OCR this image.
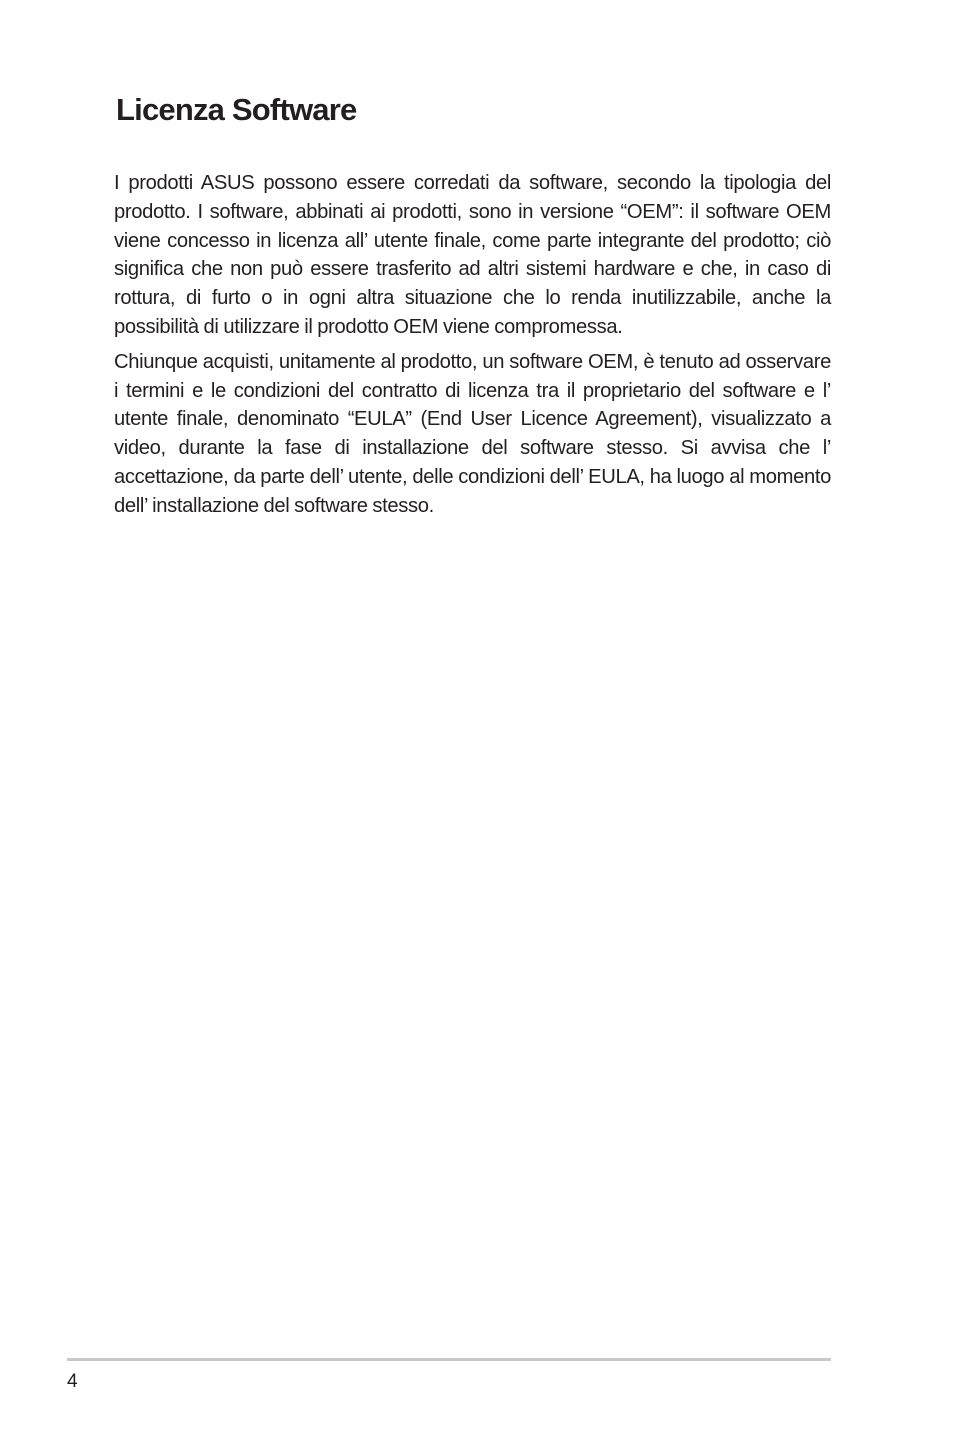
Licenza Software

I prodotti ASUS possono essere corredati da software, secondo la tipologia del prodotto. I software, abbinati ai prodotti, sono in versione “OEM”: il software OEM viene concesso in licenza all’ utente finale, come parte integrante del prodotto; ciò significa che non può essere trasferito ad altri sistemi hardware e che, in caso di rottura, di furto o in ogni altra situazione che lo renda inutilizzabile, anche la possibilità di utilizzare il prodotto OEM viene compromessa.

Chiunque acquisti, unitamente al prodotto, un software OEM, è tenuto ad osservare i termini e le condizioni del contratto di licenza tra il proprietario del software e l’ utente finale, denominato “EULA” (End User Licence Agreement), visualizzato a video, durante la fase di installazione del software stesso. Si avvisa che l’ accettazione, da parte dell’ utente, delle condizioni dell’ EULA, ha luogo al momento dell’ installazione del software stesso.

4
